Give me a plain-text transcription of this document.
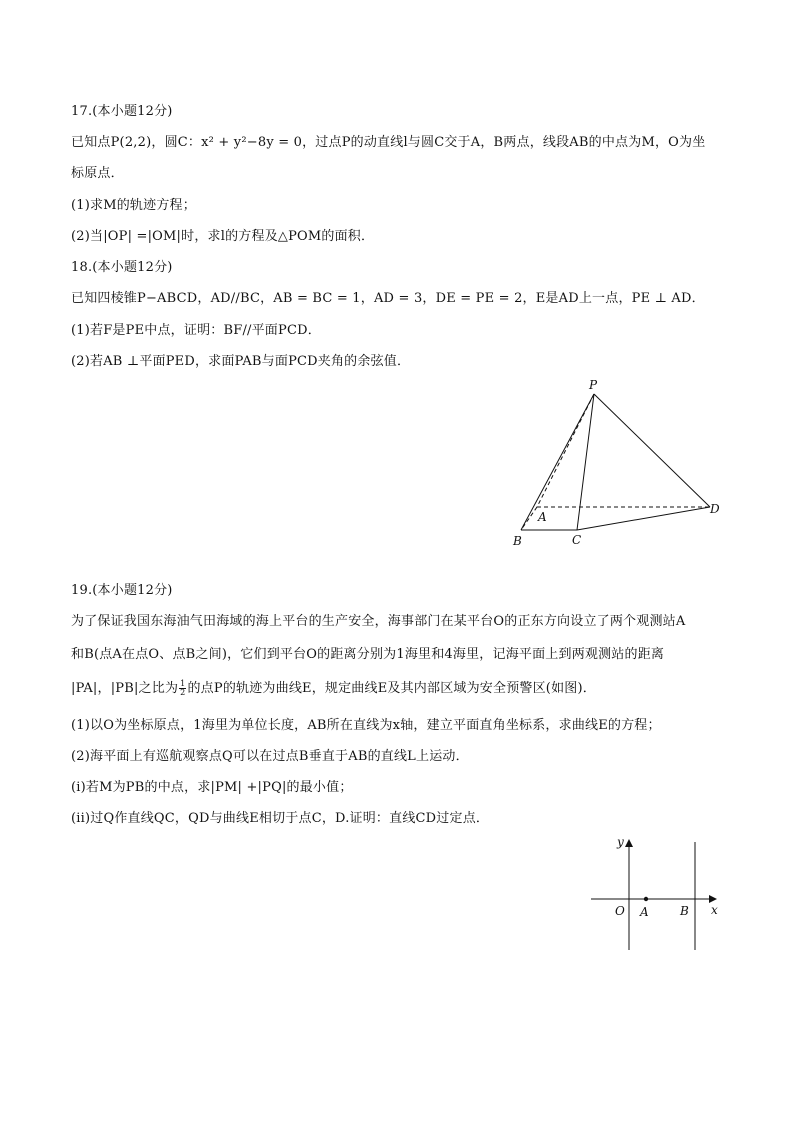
17.(本小题12分)
已知点P(2,2)，圆C：x² + y²−8y = 0，过点P的动直线l与圆C交于A，B两点，线段AB的中点为M，O为坐
标原点．
(1)求M的轨迹方程；
(2)当|OP| =|OM|时，求l的方程及△POM的面积．
18.(本小题12分)
已知四棱锥P−ABCD，AD//BC，AB = BC = 1，AD = 3，DE = PE = 2，E是AD上一点，PE ⊥ AD．
(1)若F是PE中点，证明：BF//平面PCD．
(2)若AB ⊥平面PED，求面PAB与面PCD夹角的余弦值．
P
A
B	C
D
19.(本小题12分)
为了保证我国东海油气田海域的海上平台的生产安全，海事部门在某平台O的正东方向设立了两个观测站A
和B(点A在点O、点B之间)，它们到平台O的距离分别为1海里和4海里，记海平面上到两观测站的距离
|PA|，|PB|之比为 $\frac{1}{2}$ 的点P的轨迹为曲线E，规定曲线E及其内部区域为安全预警区(如图)．
(1)以O为坐标原点，1海里为单位长度，AB所在直线为x轴，建立平面直角坐标系，求曲线E的方程；
(2)海平面上有巡航观察点Q可以在过点B垂直于AB的直线L上运动．
(i)若M为PB的中点，求|PM| +|PQ|的最小值；
(ii)过Q作直线QC，QD与曲线E相切于点C，D.证明：直线CD过定点．
y
x
O A	B
